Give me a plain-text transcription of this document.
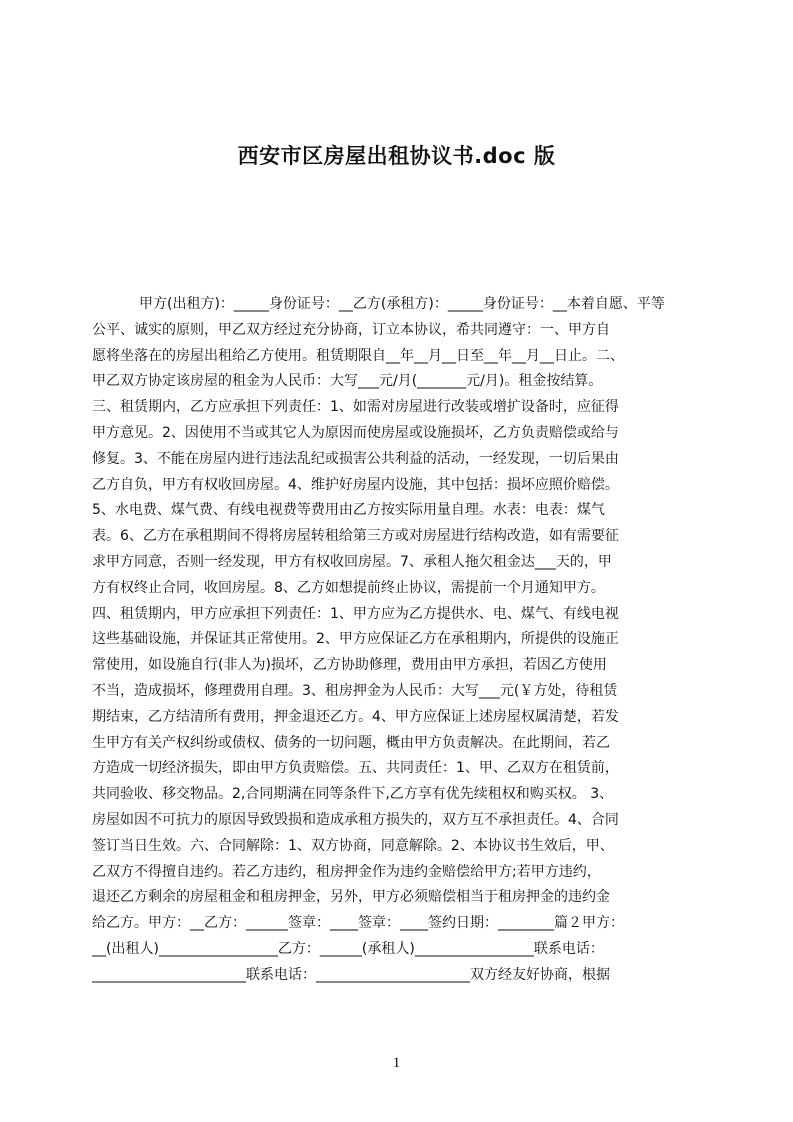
西安市区房屋出租协议书.doc 版
甲方(出租方)：_____身份证号：__乙方(承租方)：_____身份证号：__本着自愿、平等
公平、诚实的原则，甲乙双方经过充分协商，订立本协议，希共同遵守：一、甲方自
愿将坐落在的房屋出租给乙方使用。租赁期限自__年__月__日至__年__月__日止。二、
甲乙双方协定该房屋的租金为人民币：大写___元/月(_______元/月)。租金按结算。
三、租赁期内，乙方应承担下列责任：1、如需对房屋进行改装或增扩设备时，应征得
甲方意见。2、因使用不当或其它人为原因而使房屋或设施损坏，乙方负责赔偿或给与
修复。3、不能在房屋内进行违法乱纪或损害公共利益的活动，一经发现，一切后果由
乙方自负，甲方有权收回房屋。4、维护好房屋内设施，其中包括：损坏应照价赔偿。
5、水电费、煤气费、有线电视费等费用由乙方按实际用量自理。水表：电表：煤气
表。6、乙方在承租期间不得将房屋转租给第三方或对房屋进行结构改造，如有需要征
求甲方同意，否则一经发现，甲方有权收回房屋。7、承租人拖欠租金达___天的，甲
方有权终止合同，收回房屋。8、乙方如想提前终止协议，需提前一个月通知甲方。
四、租赁期内，甲方应承担下列责任：1、甲方应为乙方提供水、电、煤气、有线电视
这些基础设施，并保证其正常使用。2、甲方应保证乙方在承租期内，所提供的设施正
常使用，如设施自行(非人为)损坏，乙方协助修理，费用由甲方承担，若因乙方使用
不当，造成损坏，修理费用自理。3、租房押金为人民币：大写___元(￥方处，待租赁
期结束，乙方结清所有费用，押金退还乙方。4、甲方应保证上述房屋权属清楚，若发
生甲方有关产权纠纷或债权、债务的一切问题，概由甲方负责解决。在此期间，若乙
方造成一切经济损失，即由甲方负责赔偿。五、共同责任：1、甲、乙双方在租赁前，
共同验收、移交物品。2,合同期满在同等条件下,乙方享有优先续租权和购买权。 3、
房屋如因不可抗力的原因导致毁损和造成承租方损失的，双方互不承担责任。4、合同
签订当日生效。六、合同解除：1、双方协商，同意解除。2、本协议书生效后，甲、
乙双方不得擅自违约。若乙方违约，租房押金作为违约金赔偿给甲方;若甲方违约，
退还乙方剩余的房屋租金和租房押金，另外，甲方必须赔偿相当于租房押金的违约金
给乙方。甲方：__乙方：______签章：____签章：____签约日期：________篇２甲方：
__(出租人)_________________乙方：______(承租人)_________________联系电话：
______________________联系电话：______________________双方经友好协商，根据
1
